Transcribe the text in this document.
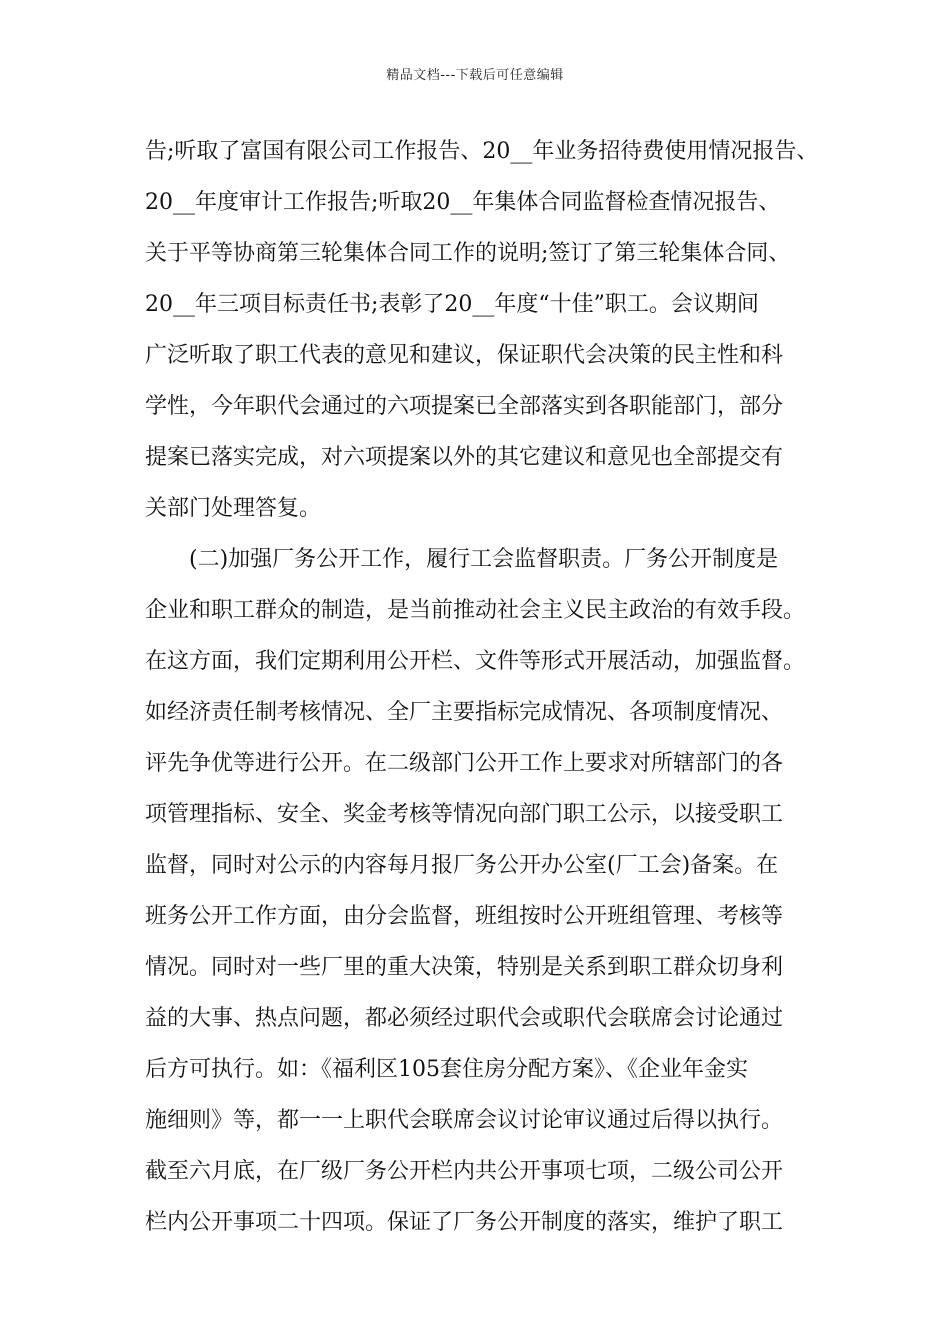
精品文档---下载后可任意编辑
告;听取了富国有限公司工作报告、20__年业务招待费使用情况报告、
20__年度审计工作报告;听取20__年集体合同监督检查情况报告、
关于平等协商第三轮集体合同工作的说明;签订了第三轮集体合同、
20__年三项目标责任书;表彰了20__年度“十佳”职工。会议期间
广泛听取了职工代表的意见和建议，保证职代会决策的民主性和科
学性，今年职代会通过的六项提案已全部落实到各职能部门，部分
提案已落实完成，对六项提案以外的其它建议和意见也全部提交有
关部门处理答复。
(二)加强厂务公开工作，履行工会监督职责。厂务公开制度是
企业和职工群众的制造，是当前推动社会主义民主政治的有效手段。
在这方面，我们定期利用公开栏、文件等形式开展活动，加强监督。
如经济责任制考核情况、全厂主要指标完成情况、各项制度情况、
评先争优等进行公开。在二级部门公开工作上要求对所辖部门的各
项管理指标、安全、奖金考核等情况向部门职工公示，以接受职工
监督，同时对公示的内容每月报厂务公开办公室(厂工会)备案。在
班务公开工作方面，由分会监督，班组按时公开班组管理、考核等
情况。同时对一些厂里的重大决策，特别是关系到职工群众切身利
益的大事、热点问题，都必须经过职代会或职代会联席会讨论通过
后方可执行。如：《福利区105套住房分配方案》、《企业年金实
施细则》等，都一一上职代会联席会议讨论审议通过后得以执行。
截至六月底，在厂级厂务公开栏内共公开事项七项，二级公司公开
栏内公开事项二十四项。保证了厂务公开制度的落实，维护了职工
